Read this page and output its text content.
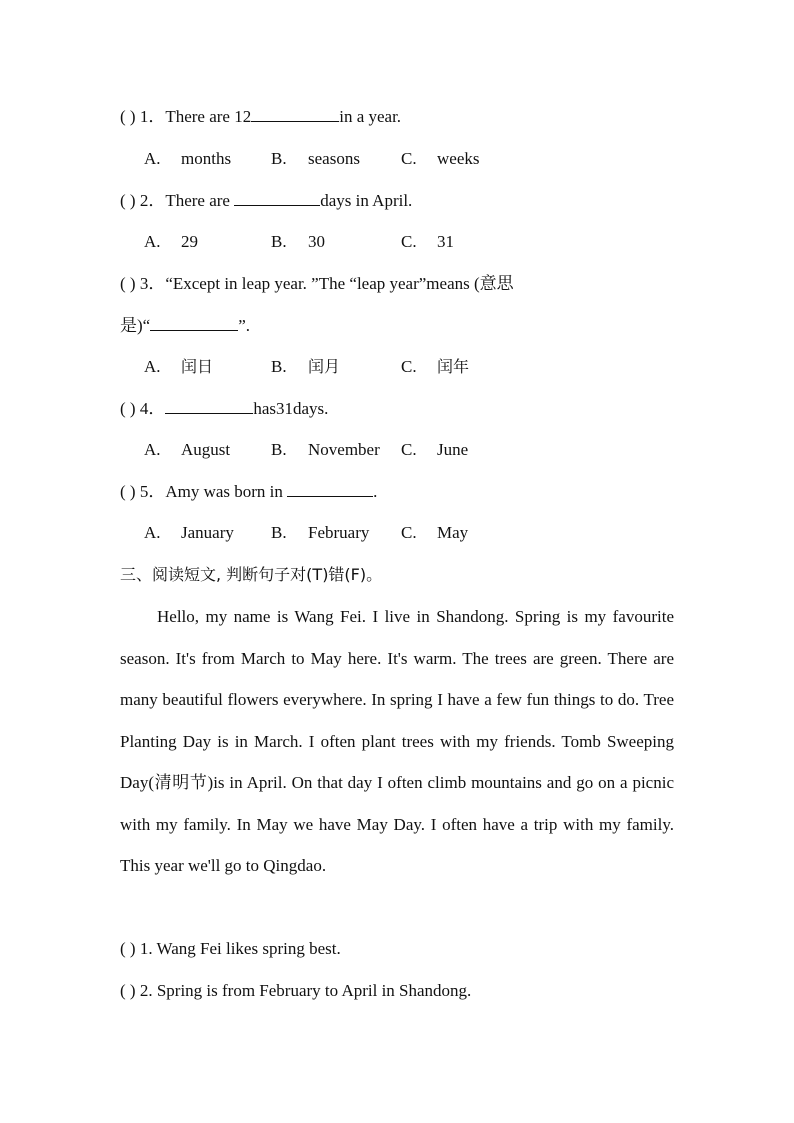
( ) 1．There are 12	in a year.
A. months B. seasons C. weeks
( ) 2．There are	days in April.
A. 29	B. 30	C. 31
( ) 3．“Except in leap year. ”The “leap year”means (意思
是)“	”.
A. 闰日	B. 闰月	C. 闰年
( ) 4．	has31days.
A. August B. November C. June
( ) 5．Amy was born in	.
A. January B. February C. May
三、阅读短文, 判断句子对(T)错(F)。
Hello, my name is Wang Fei. I live in Shandong. Spring is my favourite season. It's from March to May here. It's warm. The trees are green. There are many beautiful flowers everywhere. In spring I have a few fun things to do. Tree Planting Day is in March. I often plant trees with my friends. Tomb Sweeping Day(清明节)is in April. On that day I often climb mountains and go on a picnic with my family. In May we have May Day. I often have a trip with my family. This year we'll go to Qingdao.
( ) 1. Wang Fei likes spring best.
( ) 2. Spring is from February to April in Shandong.
